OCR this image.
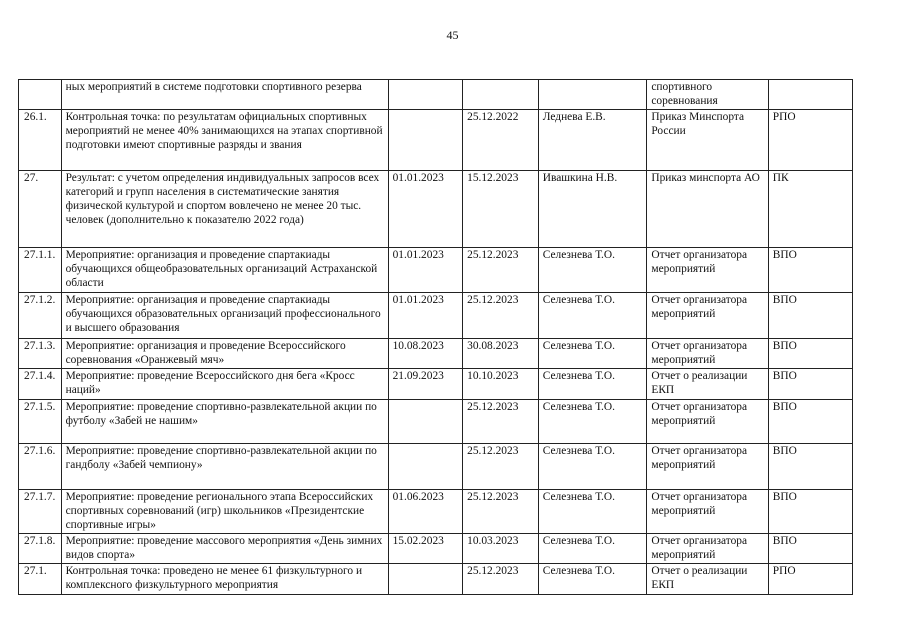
45
	ных мероприятий в системе подготовки спортивного резерва				спортивного соревнования	
26.1.	Контрольная точка: по результатам официальных спортивных мероприятий не менее 40% занимающихся на этапах спортивной подготовки имеют спортивные разряды и звания		25.12.2022	Леднева Е.В.	Приказ Минспорта России	РПО
27.	Результат: с учетом определения индивидуальных запросов всех категорий и групп населения в систематические занятия физической культурой и спортом вовлечено не менее 20 тыс. человек (дополнительно к показателю 2022 года)	01.01.2023	15.12.2023	Ивашкина Н.В.	Приказ минспорта АО	ПК
27.1.1.	Мероприятие: организация и проведение спартакиады обучающихся общеобразовательных организаций Астраханской области	01.01.2023	25.12.2023	Селезнева Т.О.	Отчет организатора мероприятий	ВПО
27.1.2.	Мероприятие: организация и проведение спартакиады обучающихся образовательных организаций профессионального и высшего образования	01.01.2023	25.12.2023	Селезнева Т.О.	Отчет организатора мероприятий	ВПО
27.1.3.	Мероприятие: организация и проведение Всероссийского соревнования «Оранжевый мяч»	10.08.2023	30.08.2023	Селезнева Т.О.	Отчет организатора мероприятий	ВПО
27.1.4.	Мероприятие: проведение Всероссийского дня бега «Кросс наций»	21.09.2023	10.10.2023	Селезнева Т.О.	Отчет о реализации ЕКП	ВПО
27.1.5.	Мероприятие: проведение спортивно-развлекательной акции по футболу «Забей не нашим»		25.12.2023	Селезнева Т.О.	Отчет организатора мероприятий	ВПО
27.1.6.	Мероприятие: проведение спортивно-развлекательной акции по гандболу «Забей чемпиону»		25.12.2023	Селезнева Т.О.	Отчет организатора мероприятий	ВПО
27.1.7.	Мероприятие: проведение регионального этапа Всероссийских спортивных соревнований (игр) школьников «Президентские спортивные игры»	01.06.2023	25.12.2023	Селезнева Т.О.	Отчет организатора мероприятий	ВПО
27.1.8.	Мероприятие: проведение массового мероприятия «День зимних видов спорта»	15.02.2023	10.03.2023	Селезнева Т.О.	Отчет организатора мероприятий	ВПО
27.1.	Контрольная точка: проведено не менее 61 физкультурного и комплексного физкультурного мероприятия		25.12.2023	Селезнева Т.О.	Отчет о реализации ЕКП	РПО
